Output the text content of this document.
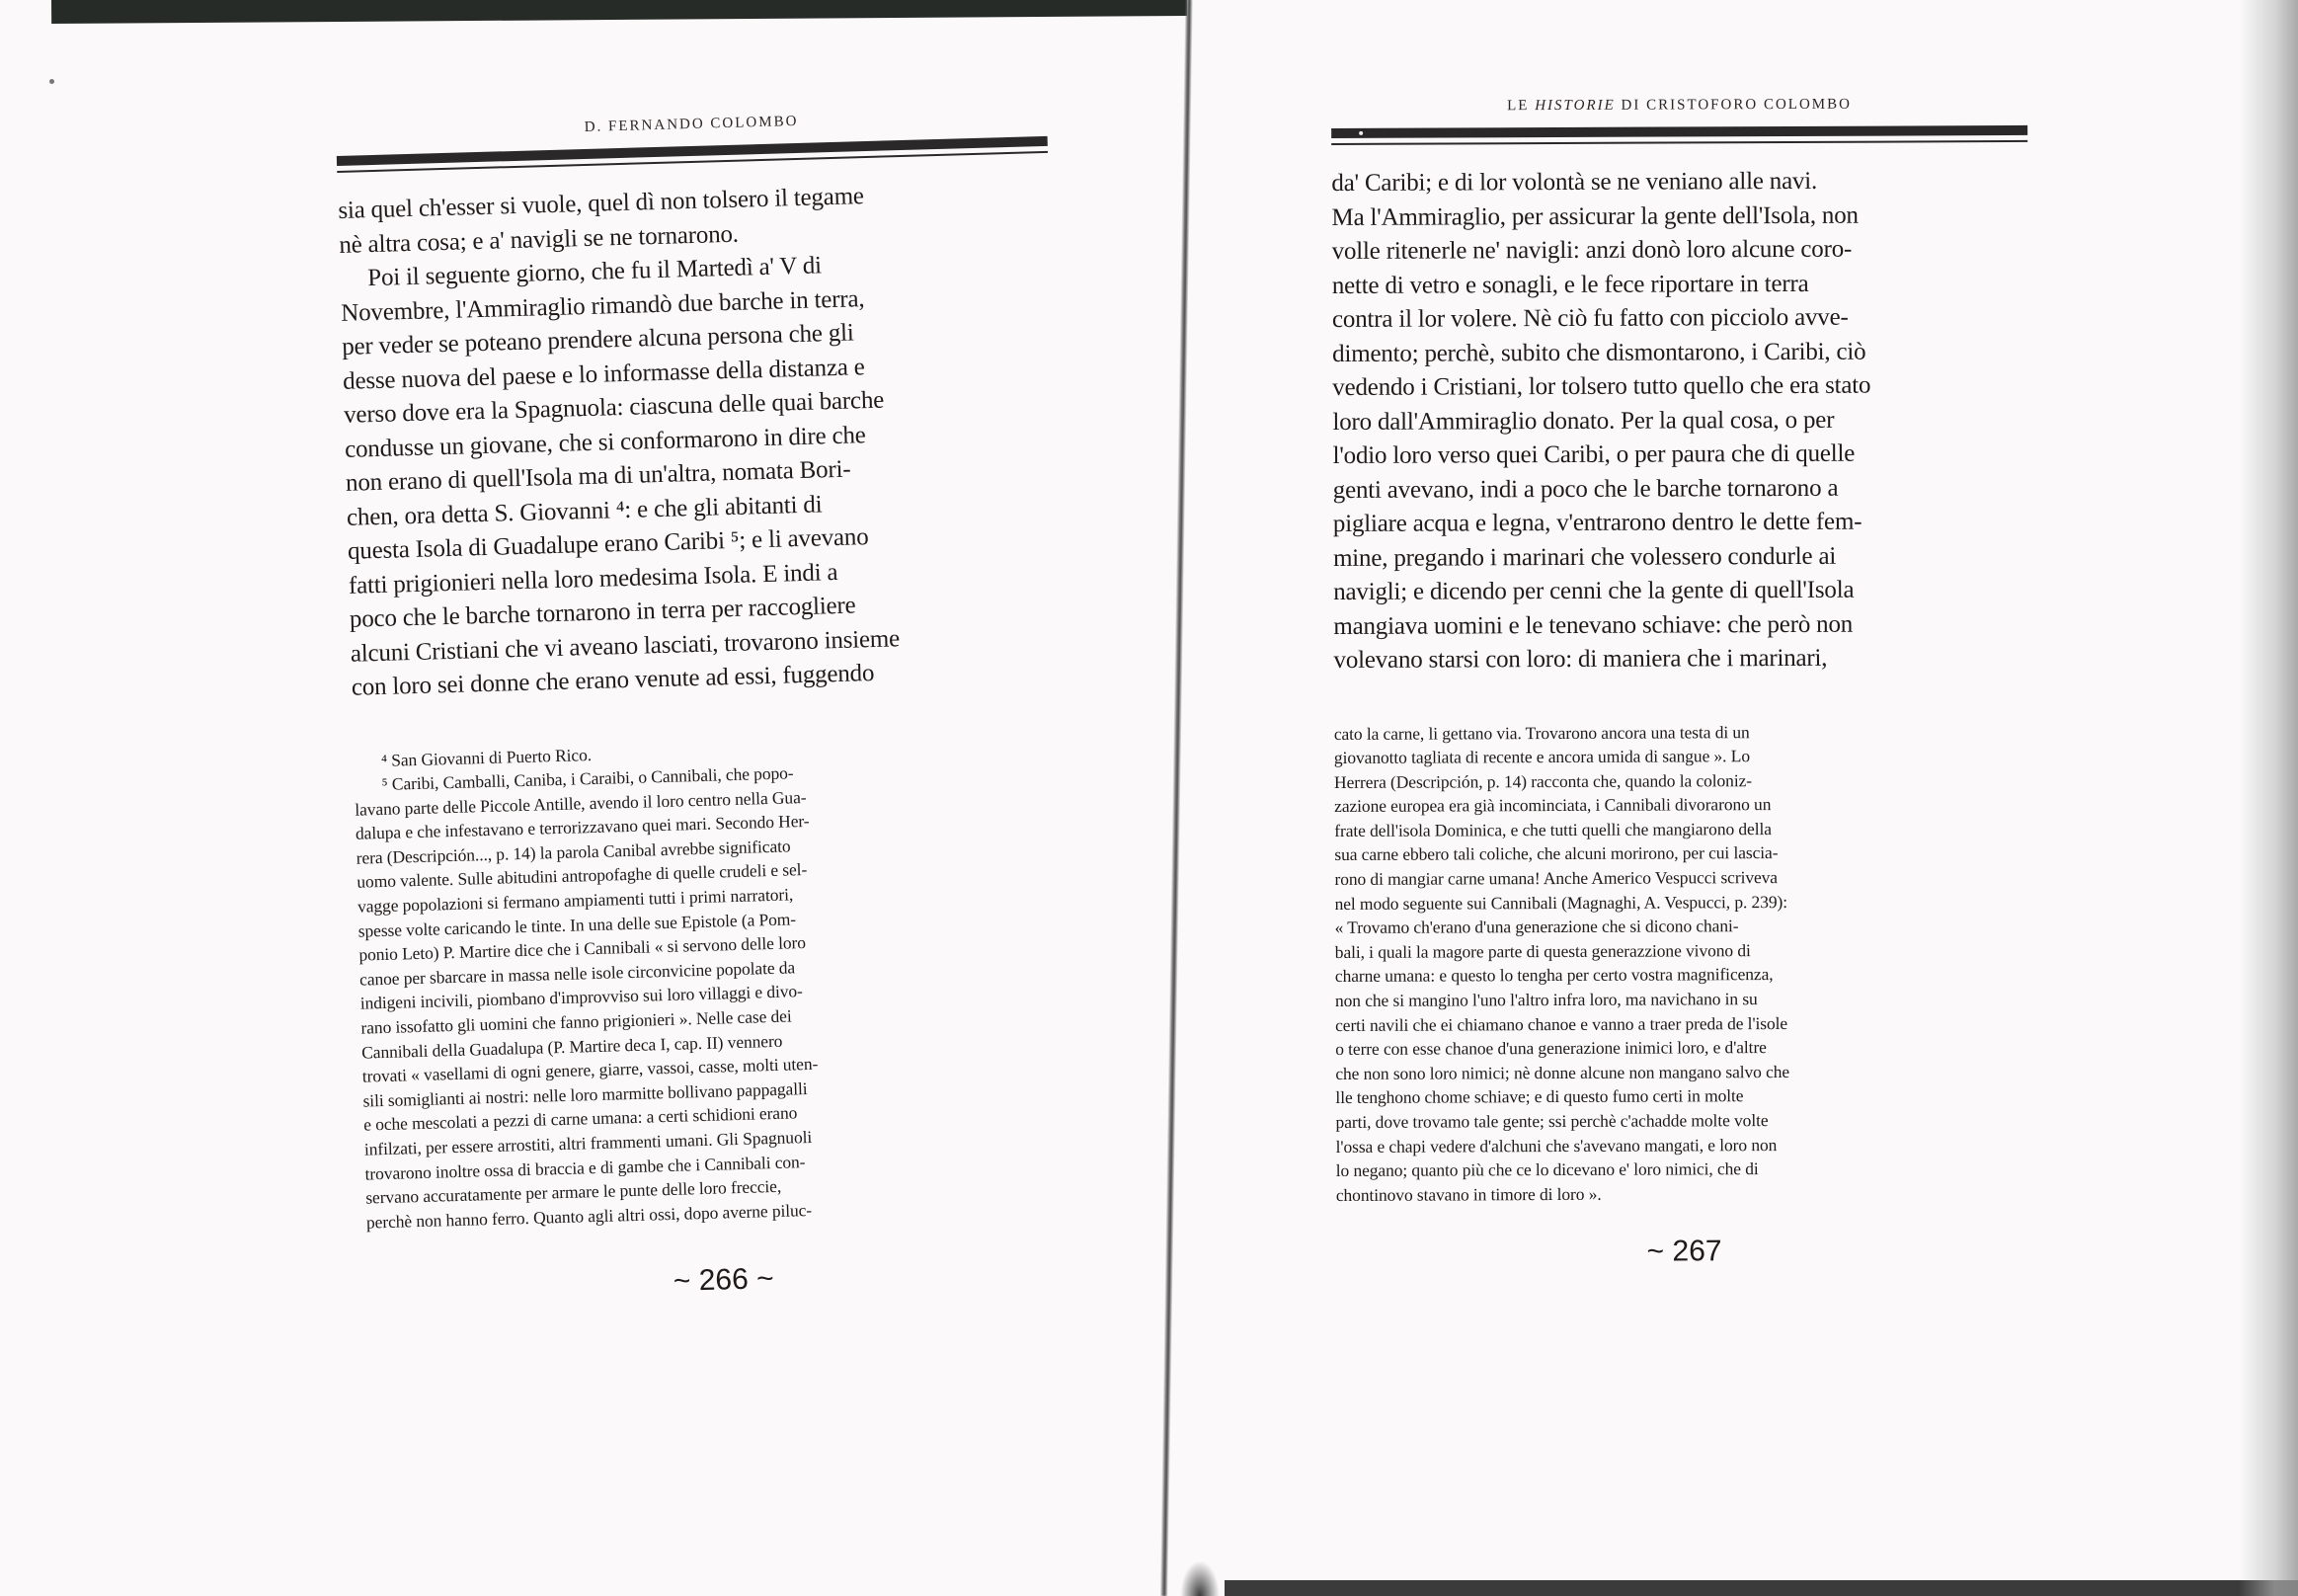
D. FERNANDO COLOMBO

sia quel ch'esser si vuole, quel dì non tolsero il tegame

nè altra cosa; e a' navigli se ne tornarono.

Poi il seguente giorno, che fu il Martedì a' V di

Novembre, l'Ammiraglio rimandò due barche in terra,

per veder se poteano prendere alcuna persona che gli

desse nuova del paese e lo informasse della distanza e

verso dove era la Spagnuola: ciascuna delle quai barche

condusse un giovane, che si conformarono in dire che

non erano di quell'Isola ma di un'altra, nomata Bori-

chen, ora detta S. Giovanni ⁴: e che gli abitanti di

questa Isola di Guadalupe erano Caribi ⁵; e li avevano

fatti prigionieri nella loro medesima Isola. E indi a

poco che le barche tornarono in terra per raccogliere

alcuni Cristiani che vi aveano lasciati, trovarono insieme

con loro sei donne che erano venute ad essi, fuggendo

⁴ San Giovanni di Puerto Rico.

⁵ Caribi, Camballi, Caniba, i Caraibi, o Cannibali, che popo-

lavano parte delle Piccole Antille, avendo il loro centro nella Gua-

dalupa e che infestavano e terrorizzavano quei mari. Secondo Her-

rera (Descripción..., p. 14) la parola Canibal avrebbe significato

uomo valente. Sulle abitudini antropofaghe di quelle crudeli e sel-

vagge popolazioni si fermano ampiamenti tutti i primi narratori,

spesse volte caricando le tinte. In una delle sue Epistole (a Pom-

ponio Leto) P. Martire dice che i Cannibali « si servono delle loro

canoe per sbarcare in massa nelle isole circonvicine popolate da

indigeni incivili, piombano d'improvviso sui loro villaggi e divo-

rano issofatto gli uomini che fanno prigionieri ». Nelle case dei

Cannibali della Guadalupa (P. Martire deca I, cap. II) vennero

trovati « vasellami di ogni genere, giarre, vassoi, casse, molti uten-

sili somiglianti ai nostri: nelle loro marmitte bollivano pappagalli

e oche mescolati a pezzi di carne umana: a certi schidioni erano

infilzati, per essere arrostiti, altri frammenti umani. Gli Spagnuoli

trovarono inoltre ossa di braccia e di gambe che i Cannibali con-

servano accuratamente per armare le punte delle loro freccie,

perchè non hanno ferro. Quanto agli altri ossi, dopo averne piluc-

~ 266 ~
LE HISTORIE DI CRISTOFORO COLOMBO

da' Caribi; e di lor volontà se ne veniano alle navi.

Ma l'Ammiraglio, per assicurar la gente dell'Isola, non

volle ritenerle ne' navigli: anzi donò loro alcune coro-

nette di vetro e sonagli, e le fece riportare in terra

contra il lor volere. Nè ciò fu fatto con picciolo avve-

dimento; perchè, subito che dismontarono, i Caribi, ciò

vedendo i Cristiani, lor tolsero tutto quello che era stato

loro dall'Ammiraglio donato. Per la qual cosa, o per

l'odio loro verso quei Caribi, o per paura che di quelle

genti avevano, indi a poco che le barche tornarono a

pigliare acqua e legna, v'entrarono dentro le dette fem-

mine, pregando i marinari che volessero condurle ai

navigli; e dicendo per cenni che la gente di quell'Isola

mangiava uomini e le tenevano schiave: che però non

volevano starsi con loro: di maniera che i marinari,

cato la carne, li gettano via. Trovarono ancora una testa di un

giovanotto tagliata di recente e ancora umida di sangue ». Lo

Herrera (Descripción, p. 14) racconta che, quando la coloniz-

zazione europea era già incominciata, i Cannibali divorarono un

frate dell'isola Dominica, e che tutti quelli che mangiarono della

sua carne ebbero tali coliche, che alcuni morirono, per cui lascia-

rono di mangiar carne umana! Anche Americo Vespucci scriveva

nel modo seguente sui Cannibali (Magnaghi, A. Vespucci, p. 239):

« Trovamo ch'erano d'una generazione che si dicono chani-

bali, i quali la magore parte di questa generazzione vivono di

charne umana: e questo lo tengha per certo vostra magnificenza,

non che si mangino l'uno l'altro infra loro, ma navichano in su

certi navili che ei chiamano chanoe e vanno a traer preda de l'isole

o terre con esse chanoe d'una generazione inimici loro, e d'altre

che non sono loro nimici; nè donne alcune non mangano salvo che

lle tenghono chome schiave; e di questo fumo certi in molte

parti, dove trovamo tale gente; ssi perchè c'achadde molte volte

l'ossa e chapi vedere d'alchuni che s'avevano mangati, e loro non

lo negano; quanto più che ce lo dicevano e' loro nimici, che di

chontinovo stavano in timore di loro ».

~ 267
